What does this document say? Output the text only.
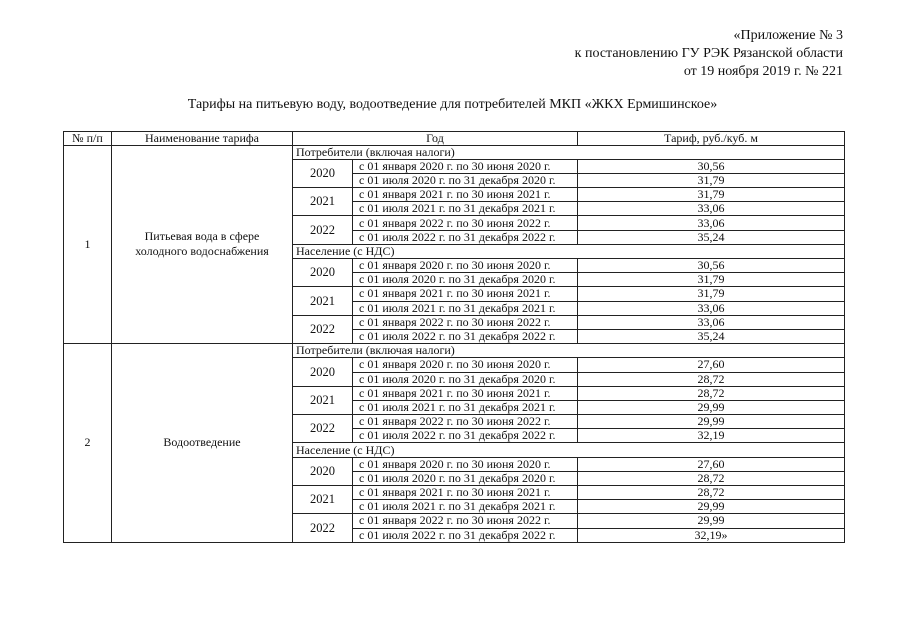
«Приложение № 3
к постановлению ГУ РЭК Рязанской области
от 19 ноября 2019 г. № 221
Тарифы на питьевую воду, водоотведение для потребителей МКП «ЖКХ Ермишинское»
№ п/п	Наименование тарифа	Год		Тариф, руб./куб. м
1	Питьевая вода в сфере холодного водоснабжения	Потребители (включая налоги)		
		2020	с 01 января 2020 г. по 30 июня 2020 г.	30,56
			с 01 июля 2020 г. по 31 декабря 2020 г.	31,79
		2021	с 01 января 2021 г. по 30 июня 2021 г.	31,79
			с 01 июля 2021 г. по 31 декабря 2021 г.	33,06
		2022	с 01 января 2022 г. по 30 июня 2022 г.	33,06
			с 01 июля 2022 г. по 31 декабря 2022 г.	35,24
		Население (с НДС)		
		2020	с 01 января 2020 г. по 30 июня 2020 г.	30,56
			с 01 июля 2020 г. по 31 декабря 2020 г.	31,79
		2021	с 01 января 2021 г. по 30 июня 2021 г.	31,79
			с 01 июля 2021 г. по 31 декабря 2021 г.	33,06
		2022	с 01 января 2022 г. по 30 июня 2022 г.	33,06
			с 01 июля 2022 г. по 31 декабря 2022 г.	35,24
2	Водоотведение	Потребители (включая налоги)		
		2020	с 01 января 2020 г. по 30 июня 2020 г.	27,60
			с 01 июля 2020 г. по 31 декабря 2020 г.	28,72
		2021	с 01 января 2021 г. по 30 июня 2021 г.	28,72
			с 01 июля 2021 г. по 31 декабря 2021 г.	29,99
		2022	с 01 января 2022 г. по 30 июня 2022 г.	29,99
			с 01 июля 2022 г. по 31 декабря 2022 г.	32,19
		Население (с НДС)		
		2020	с 01 января 2020 г. по 30 июня 2020 г.	27,60
			с 01 июля 2020 г. по 31 декабря 2020 г.	28,72
		2021	с 01 января 2021 г. по 30 июня 2021 г.	28,72
			с 01 июля 2021 г. по 31 декабря 2021 г.	29,99
		2022	с 01 января 2022 г. по 30 июня 2022 г.	29,99
			с 01 июля 2022 г. по 31 декабря 2022 г.	32,19»
